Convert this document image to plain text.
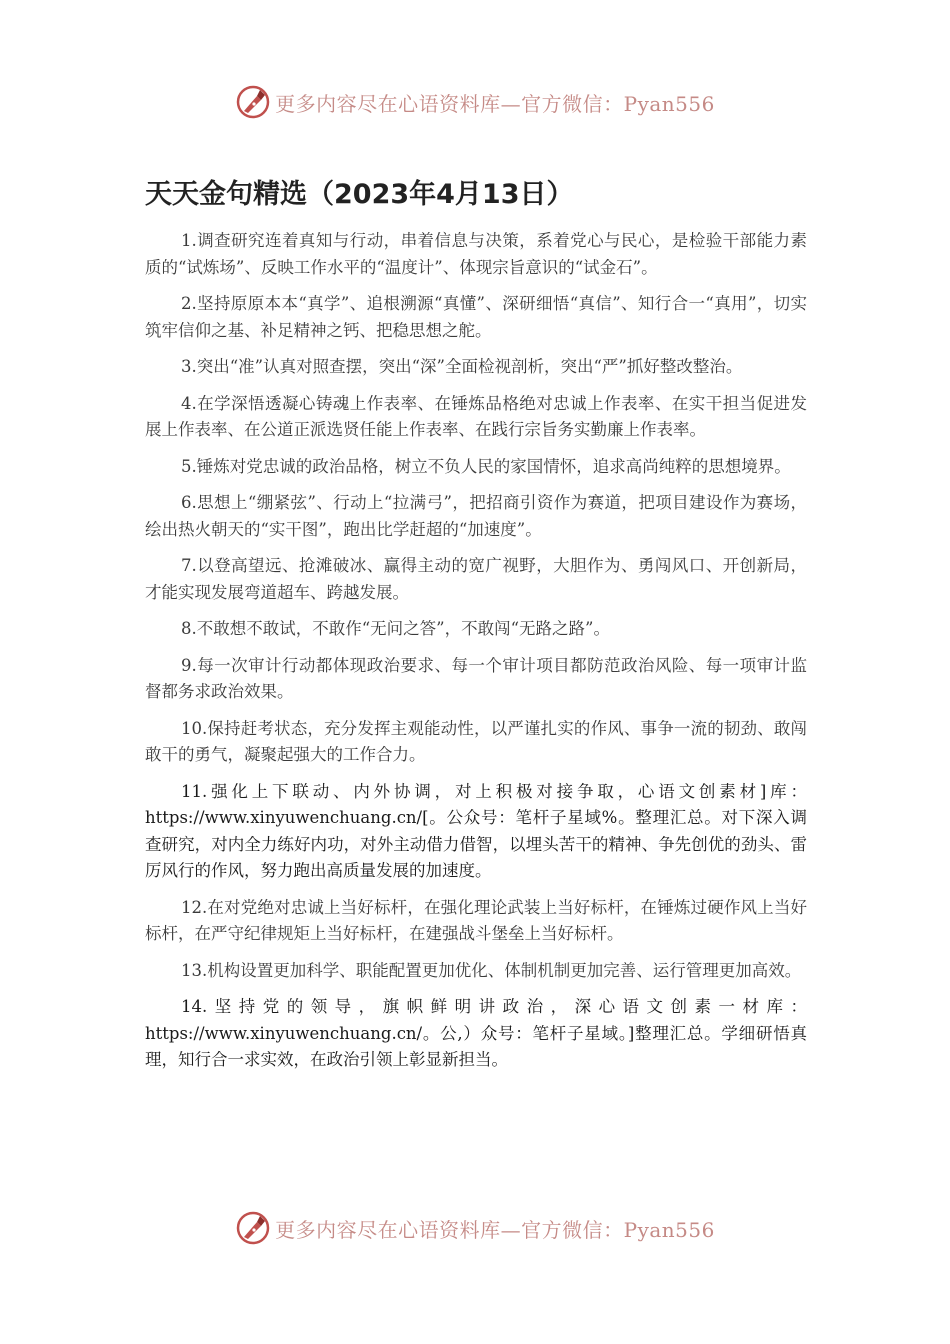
更多内容尽在心语资料库—官方微信：Pyan556
天天金句精选（2023年4月13日）

1.调查研究连着真知与行动，串着信息与决策，系着党心与民心，是检验干部能力素质的“试炼场”、反映工作水平的“温度计”、体现宗旨意识的“试金石”。

2.坚持原原本本“真学”、追根溯源“真懂”、深研细悟“真信”、知行合一“真用”，切实筑牢信仰之基、补足精神之钙、把稳思想之舵。

3.突出“准”认真对照查摆，突出“深”全面检视剖析，突出“严”抓好整改整治。

4.在学深悟透凝心铸魂上作表率、在锤炼品格绝对忠诚上作表率、在实干担当促进发展上作表率、在公道正派选贤任能上作表率、在践行宗旨务实勤廉上作表率。

5.锤炼对党忠诚的政治品格，树立不负人民的家国情怀，追求高尚纯粹的思想境界。

6.思想上“绷紧弦”、行动上“拉满弓”，把招商引资作为赛道，把项目建设作为赛场，绘出热火朝天的“实干图”，跑出比学赶超的“加速度”。

7.以登高望远、抢滩破冰、赢得主动的宽广视野，大胆作为、勇闯风口、开创新局，才能实现发展弯道超车、跨越发展。

8.不敢想不敢试，不敢作“无问之答”，不敢闯“无路之路”。

9.每一次审计行动都体现政治要求、每一个审计项目都防范政治风险、每一项审计监督都务求政治效果。

10.保持赶考状态，充分发挥主观能动性，以严谨扎实的作风、事争一流的韧劲、敢闯敢干的勇气，凝聚起强大的工作合力。

11.强化上下联动、内外协调，对上积极对接争取，心语文创素材]库：https://www.xinyuwenchuang.cn/[。公众号：笔杆子星域%。整理汇总。对下深入调查研究，对内全力练好内功，对外主动借力借智，以埋头苦干的精神、争先创优的劲头、雷厉风行的作风，努力跑出高质量发展的加速度。

12.在对党绝对忠诚上当好标杆，在强化理论武装上当好标杆，在锤炼过硬作风上当好标杆，在严守纪律规矩上当好标杆，在建强战斗堡垒上当好标杆。

13.机构设置更加科学、职能配置更加优化、体制机制更加完善、运行管理更加高效。

14.坚持党的领导，旗帜鲜明讲政治，深心语文创素一材库：https://www.xinyuwenchuang.cn/。公,）众号：笔杆子星域。]整理汇总。学细研悟真理，知行合一求实效，在政治引领上彰显新担当。

更多内容尽在心语资料库—官方微信：Pyan556
